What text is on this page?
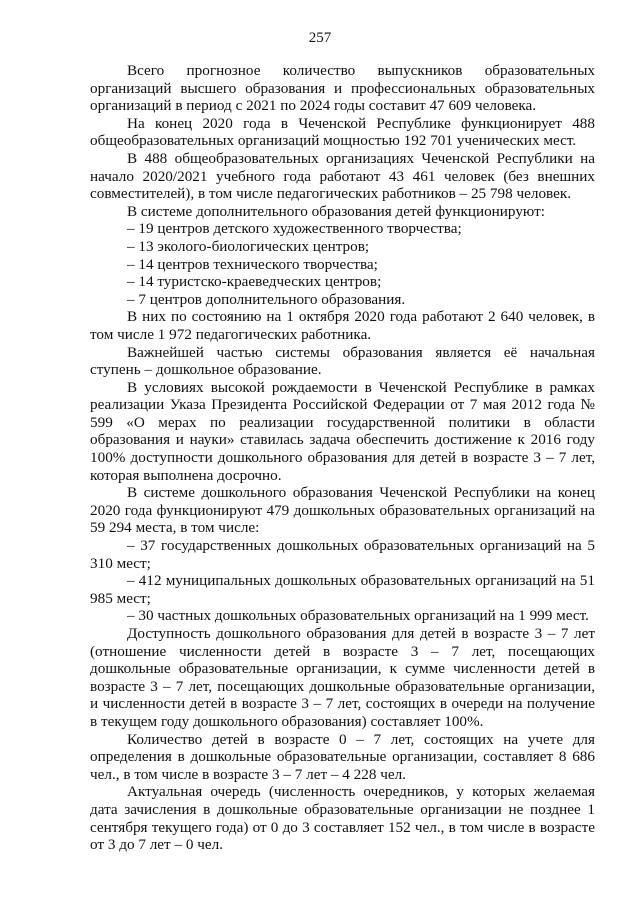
257

Всего прогнозное количество выпускников образовательных организаций высшего образования и профессиональных образовательных организаций в период с 2021 по 2024 годы составит 47 609 человека.

На конец 2020 года в Чеченской Республике функционирует 488 общеобразовательных организаций мощностью 192 701 ученических мест.

В 488 общеобразовательных организациях Чеченской Республики на начало 2020/2021 учебного года работают 43 461 человек (без внешних совместителей), в том числе педагогических работников – 25 798 человек.

В системе дополнительного образования детей функционируют:

– 19 центров детского художественного творчества;

– 13 эколого-биологических центров;

– 14 центров технического творчества;

– 14 туристско-краеведческих центров;

– 7 центров дополнительного образования.

В них по состоянию на 1 октября 2020 года работают 2 640 человек, в том числе 1 972 педагогических работника.

Важнейшей частью системы образования является её начальная ступень – дошкольное образование.

В условиях высокой рождаемости в Чеченской Республике в рамках реализации Указа Президента Российской Федерации от 7 мая 2012 года № 599 «О мерах по реализации государственной политики в области образования и науки» ставилась задача обеспечить достижение к 2016 году 100% доступности дошкольного образования для детей в возрасте 3 – 7 лет, которая выполнена досрочно.

В системе дошкольного образования Чеченской Республики на конец 2020 года функционируют 479 дошкольных образовательных организаций на 59 294 места, в том числе:

– 37 государственных дошкольных образовательных организаций на 5 310 мест;

– 412 муниципальных дошкольных образовательных организаций на 51 985 мест;

– 30 частных дошкольных образовательных организаций на 1 999 мест.

Доступность дошкольного образования для детей в возрасте 3 – 7 лет (отношение численности детей в возрасте 3 – 7 лет, посещающих дошкольные образовательные организации, к сумме численности детей в возрасте 3 – 7 лет, посещающих дошкольные образовательные организации, и численности детей в возрасте 3 – 7 лет, состоящих в очереди на получение в текущем году дошкольного образования) составляет 100%.

Количество детей в возрасте 0 – 7 лет, состоящих на учете для определения в дошкольные образовательные организации, составляет 8 686 чел., в том числе в возрасте 3 – 7 лет – 4 228 чел.

Актуальная очередь (численность очередников, у которых желаемая дата зачисления в дошкольные образовательные организации не позднее 1 сентября текущего года) от 0 до 3 составляет 152 чел., в том числе в возрасте от 3 до 7 лет – 0 чел.
